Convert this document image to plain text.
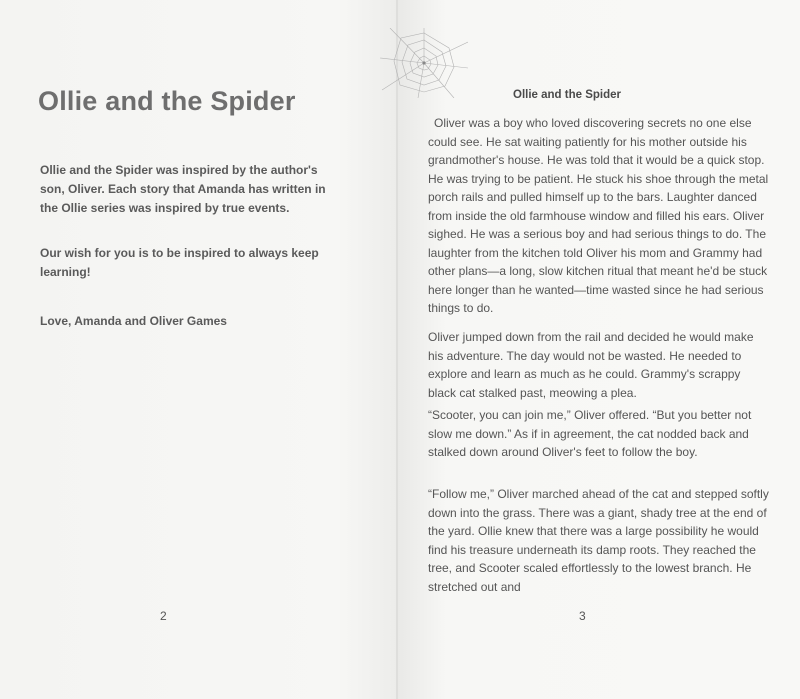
Ollie and the Spider

Ollie and the Spider was inspired by the author's son, Oliver. Each story that Amanda has written in the Ollie series was inspired by true events.

Our wish for you is to be inspired to always keep learning!

Love, Amanda and Oliver Games

2
Ollie and the Spider

Oliver was a boy who loved discovering secrets no one else could see. He sat waiting patiently for his mother outside his grandmother's house. He was told that it would be a quick stop. He was trying to be patient. He stuck his shoe through the metal porch rails and pulled himself up to the bars. Laughter danced from inside the old farmhouse window and filled his ears. Oliver sighed. He was a serious boy and had serious things to do. The laughter from the kitchen told Oliver his mom and Grammy had other plans—a long, slow kitchen ritual that meant he'd be stuck here longer than he wanted—time wasted since he had serious things to do.

Oliver jumped down from the rail and decided he would make his adventure. The day would not be wasted. He needed to explore and learn as much as he could. Grammy's scrappy black cat stalked past, meowing a plea.

“Scooter, you can join me,” Oliver offered. “But you better not slow me down.” As if in agreement, the cat nodded back and stalked down around Oliver's feet to follow the boy.

“Follow me,” Oliver marched ahead of the cat and stepped softly down into the grass. There was a giant, shady tree at the end of the yard. Ollie knew that there was a large possibility he would find his treasure underneath its damp roots. They reached the tree, and Scooter scaled effortlessly to the lowest branch. He stretched out and

3
